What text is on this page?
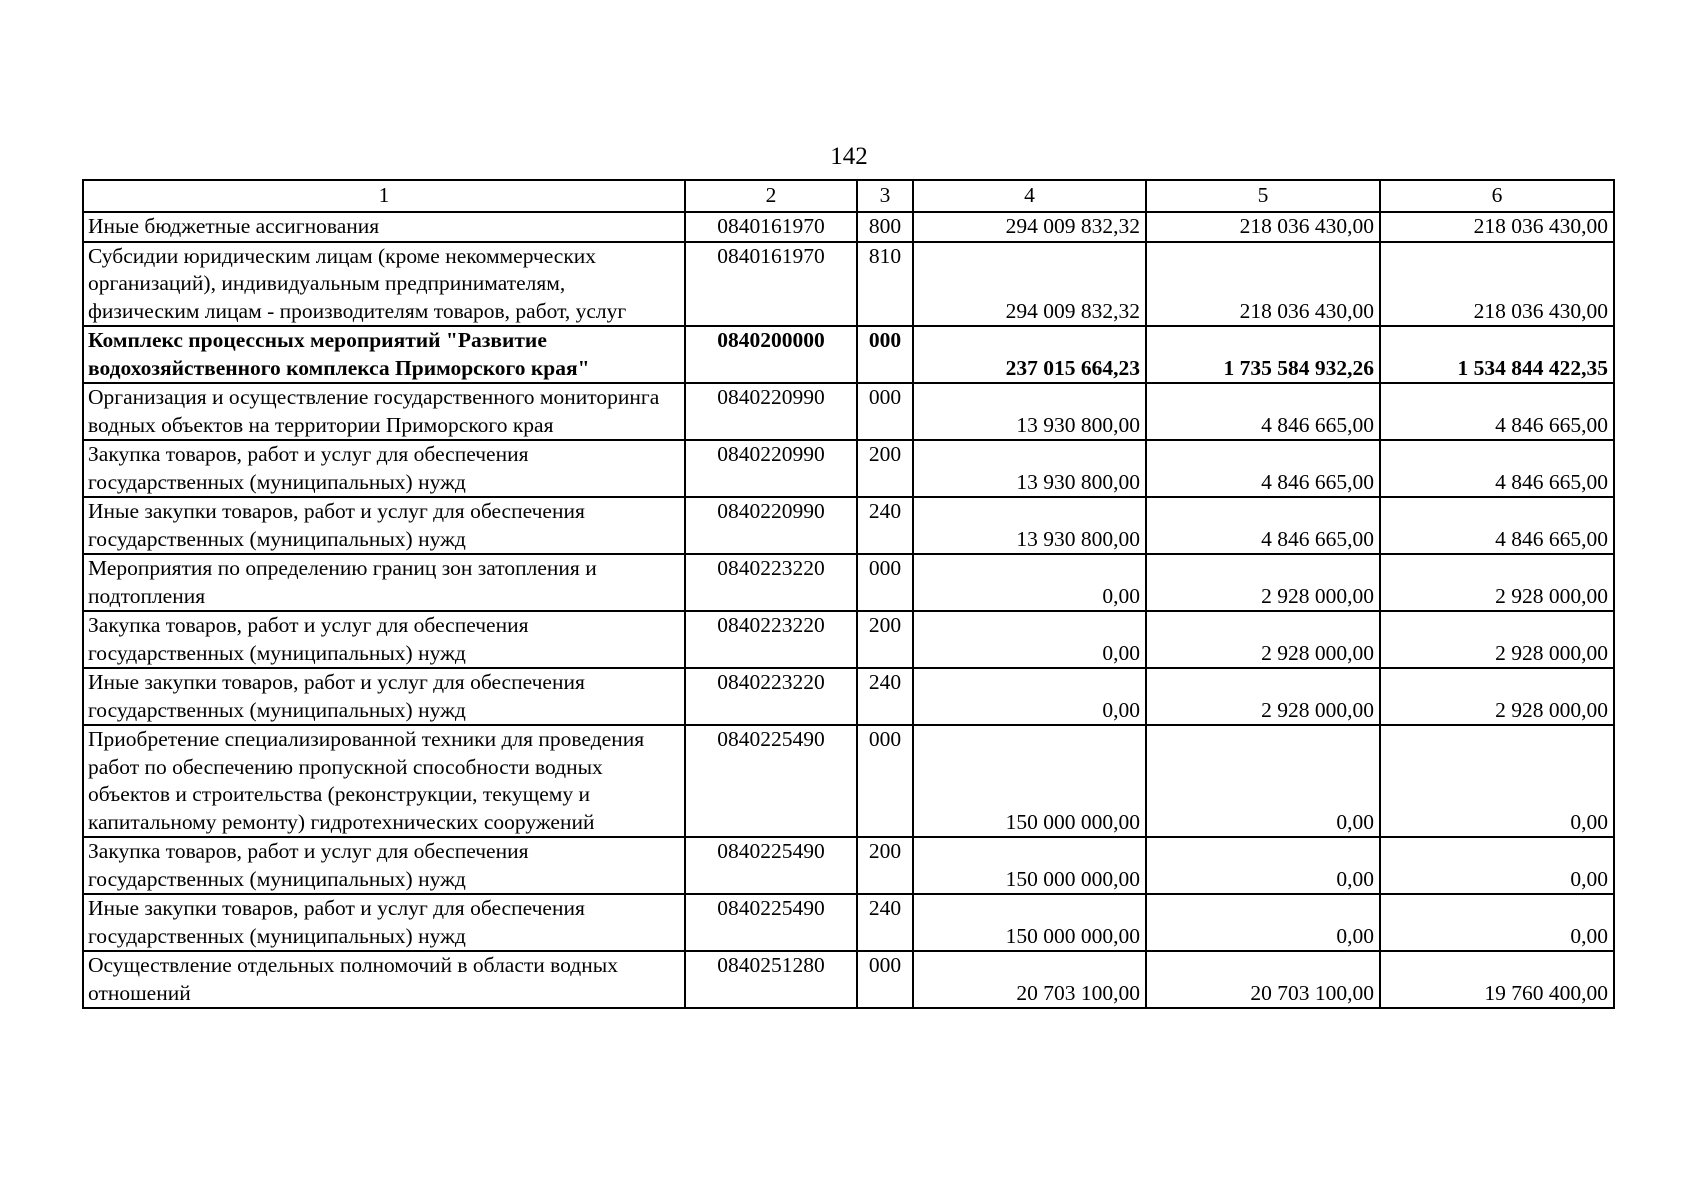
142
1	2	3	4	5	6
Иные бюджетные ассигнования	0840161970	800	294 009 832,32	218 036 430,00	218 036 430,00
Субсидии юридическим лицам (кроме некоммерческих организаций), индивидуальным предпринимателям, физическим лицам - производителям товаров, работ, услуг	0840161970	810	294 009 832,32	218 036 430,00	218 036 430,00
Комплекс процессных мероприятий "Развитие водохозяйственного комплекса Приморского края"	0840200000	000	237 015 664,23	1 735 584 932,26	1 534 844 422,35
Организация и осуществление государственного мониторинга водных объектов на территории Приморского края	0840220990	000	13 930 800,00	4 846 665,00	4 846 665,00
Закупка товаров, работ и услуг для обеспечения государственных (муниципальных) нужд	0840220990	200	13 930 800,00	4 846 665,00	4 846 665,00
Иные закупки товаров, работ и услуг для обеспечения государственных (муниципальных) нужд	0840220990	240	13 930 800,00	4 846 665,00	4 846 665,00
Мероприятия по определению границ зон затопления и подтопления	0840223220	000	0,00	2 928 000,00	2 928 000,00
Закупка товаров, работ и услуг для обеспечения государственных (муниципальных) нужд	0840223220	200	0,00	2 928 000,00	2 928 000,00
Иные закупки товаров, работ и услуг для обеспечения государственных (муниципальных) нужд	0840223220	240	0,00	2 928 000,00	2 928 000,00
Приобретение специализированной техники для проведения работ по обеспечению пропускной способности водных объектов и строительства (реконструкции, текущему и капитальному ремонту) гидротехнических сооружений	0840225490	000	150 000 000,00	0,00	0,00
Закупка товаров, работ и услуг для обеспечения государственных (муниципальных) нужд	0840225490	200	150 000 000,00	0,00	0,00
Иные закупки товаров, работ и услуг для обеспечения государственных (муниципальных) нужд	0840225490	240	150 000 000,00	0,00	0,00
Осуществление отдельных полномочий в области водных отношений	0840251280	000	20 703 100,00	20 703 100,00	19 760 400,00
